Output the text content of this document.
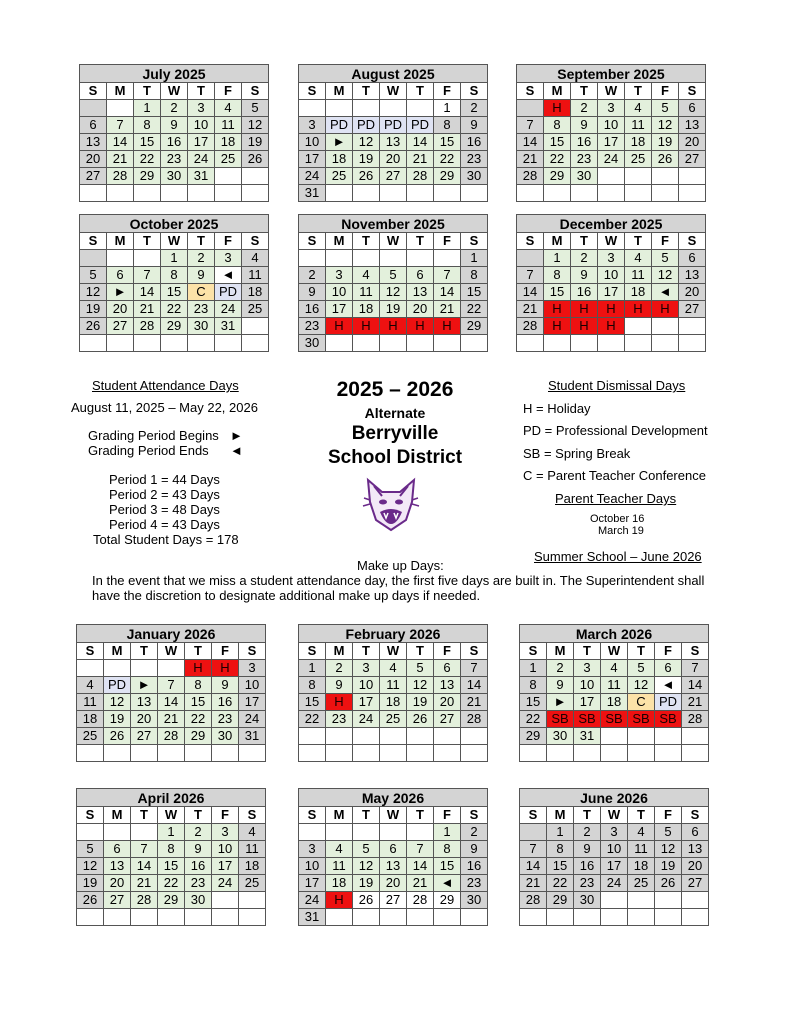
July 2025						
S	M	T	W	T	F	S
		1	2	3	4	5
6	7	8	9	10	11	12
13	14	15	16	17	18	19
20	21	22	23	24	25	26
27	28	29	30	31		

August 2025						
S	M	T	W	T	F	S
					1	2
3	PD	PD	PD	PD	8	9
10	►	12	13	14	15	16
17	18	19	20	21	22	23
24	25	26	27	28	29	30
31						
September 2025						
S	M	T	W	T	F	S
	H	2	3	4	5	6
7	8	9	10	11	12	13
14	15	16	17	18	19	20
21	22	23	24	25	26	27
28	29	30				

October 2025						
S	M	T	W	T	F	S
			1	2	3	4
5	6	7	8	9	◄	11
12	►	14	15	C	PD	18
19	20	21	22	23	24	25
26	27	28	29	30	31	

November 2025						
S	M	T	W	T	F	S
						1
2	3	4	5	6	7	8
9	10	11	12	13	14	15
16	17	18	19	20	21	22
23	H	H	H	H	H	29
30						
December 2025						
S	M	T	W	T	F	S
	1	2	3	4	5	6
7	8	9	10	11	12	13
14	15	16	17	18	◄	20
21	H	H	H	H	H	27
28	H	H	H			

January 2026						
S	M	T	W	T	F	S
				H	H	3
4	PD	►	7	8	9	10
11	12	13	14	15	16	17
18	19	20	21	22	23	24
25	26	27	28	29	30	31

February 2026						
S	M	T	W	T	F	S
1	2	3	4	5	6	7
8	9	10	11	12	13	14
15	H	17	18	19	20	21
22	23	24	25	26	27	28

March 2026						
S	M	T	W	T	F	S
1	2	3	4	5	6	7
8	9	10	11	12	◄	14
15	►	17	18	C	PD	21
22	SB	SB	SB	SB	SB	28
29	30	31				

April 2026						
S	M	T	W	T	F	S
			1	2	3	4
5	6	7	8	9	10	11
12	13	14	15	16	17	18
19	20	21	22	23	24	25
26	27	28	29	30		

May 2026						
S	M	T	W	T	F	S
					1	2
3	4	5	6	7	8	9
10	11	12	13	14	15	16
17	18	19	20	21	◄	23
24	H	26	27	28	29	30
31						
June 2026						
S	M	T	W	T	F	S
	1	2	3	4	5	6
7	8	9	10	11	12	13
14	15	16	17	18	19	20
21	22	23	24	25	26	27
28	29	30				

Student Attendance Days
August 11, 2025 – May 22, 2026
Grading Period Begins ►
Grading Period Ends ◄
Period 1 = 44 Days
Period 2 = 43 Days
Period 3 = 48 Days
Period 4 = 43 Days
Total Student Days = 178
2025 – 2026
Alternate
Berryville
School District
Student Dismissal Days
H = Holiday
PD = Professional Development
SB = Spring Break
C = Parent Teacher Conference
Parent Teacher Days
October 16
March 19
Summer School – June 2026
Make up Days:
In the event that we miss a student attendance day, the first five days are built in. The Superintendent shall
have the discretion to designate additional make up days if needed.
